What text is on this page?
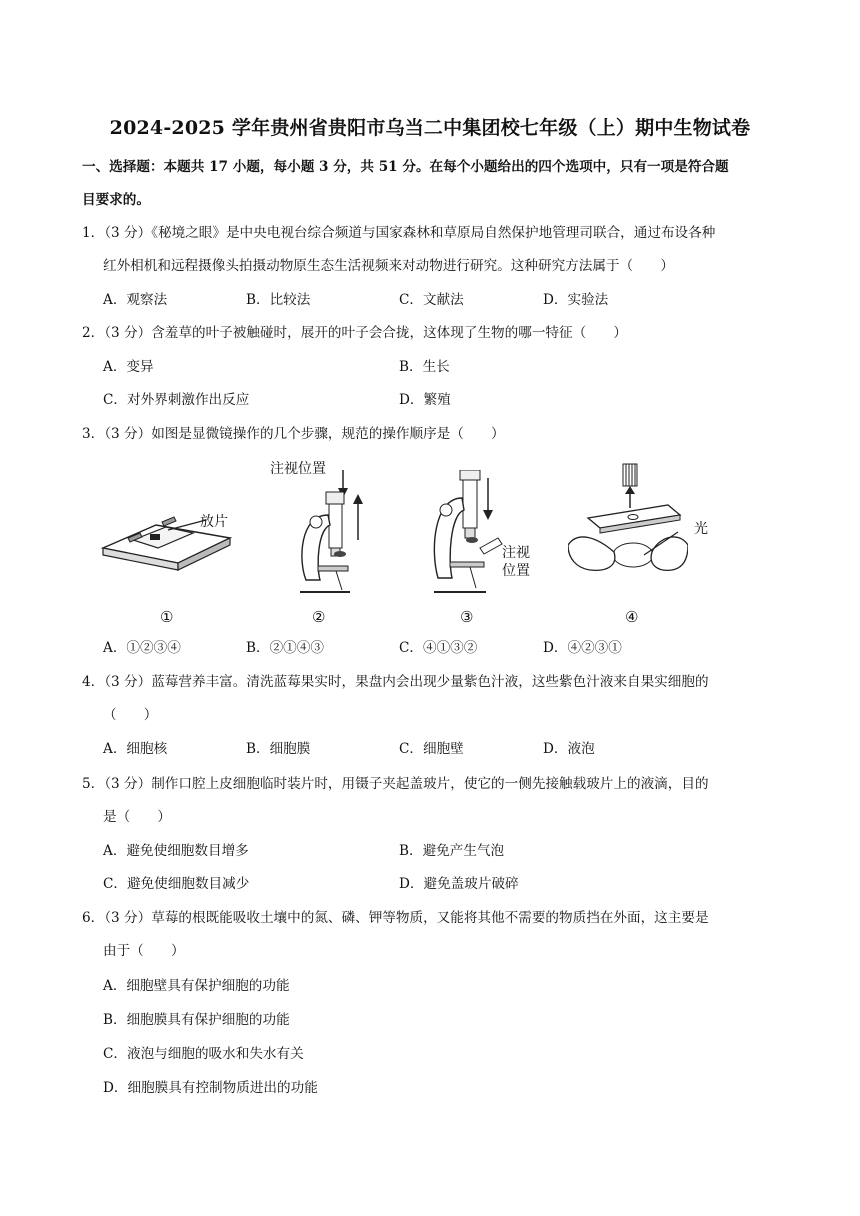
2024-2025 学年贵州省贵阳市乌当二中集团校七年级（上）期中生物试卷
一、选择题：本题共 17 小题，每小题 3 分，共 51 分。在每个小题给出的四个选项中，只有一项是符合题
目要求的。
1．（3 分）《秘境之眼》是中央电视台综合频道与国家森林和草原局自然保护地管理司联合，通过布设各种
红外相机和远程摄像头拍摄动物原生态生活视频来对动物进行研究。这种研究方法属于（　　）
A．观察法	B．比较法	C．文献法	D．实验法
2．（3 分）含羞草的叶子被触碰时，展开的叶子会合拢，这体现了生物的哪一特征（　　）
A．变异	B．生长
C．对外界刺激作出反应	D．繁殖
3．（3 分）如图是显微镜操作的几个步骤，规范的操作顺序是（　　）
放片
注视位置
注视
位置
光
①	②	③	④
A．①②③④	B．②①④③	C．④①③②	D．④②③①
4．（3 分）蓝莓营养丰富。清洗蓝莓果实时，果盘内会出现少量紫色汁液，这些紫色汁液来自果实细胞的
（　　）
A．细胞核	B．细胞膜	C．细胞壁	D．液泡
5．（3 分）制作口腔上皮细胞临时装片时，用镊子夹起盖玻片，使它的一侧先接触载玻片上的液滴，目的
是（　　）
A．避免使细胞数目增多	B．避免产生气泡
C．避免使细胞数目减少	D．避免盖玻片破碎
6．（3 分）草莓的根既能吸收土壤中的氮、磷、钾等物质，又能将其他不需要的物质挡在外面，这主要是
由于（　　）
A．细胞壁具有保护细胞的功能
B．细胞膜具有保护细胞的功能
C．液泡与细胞的吸水和失水有关
D．细胞膜具有控制物质进出的功能
